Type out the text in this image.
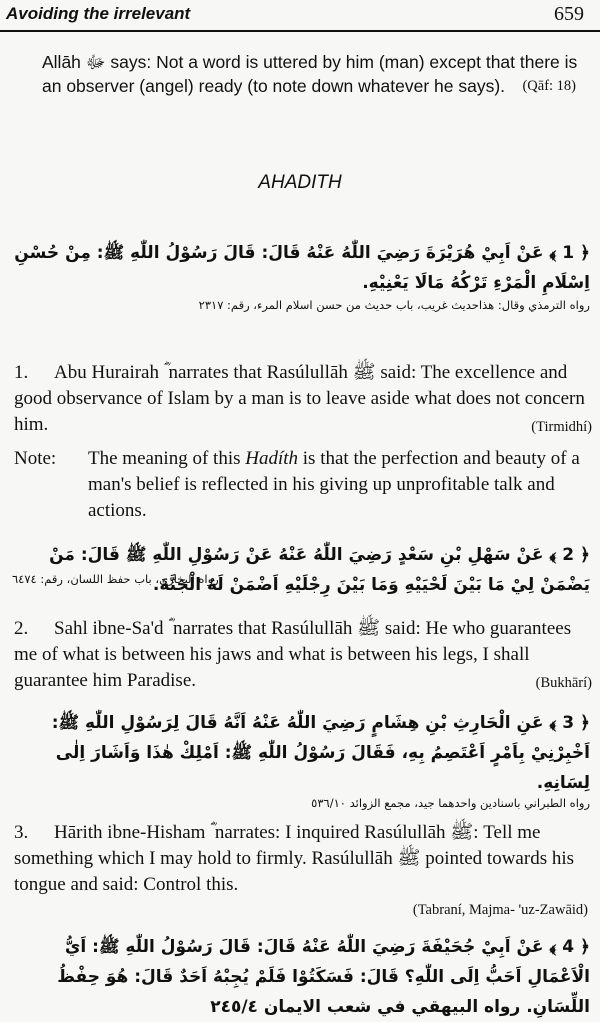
Avoiding the irrelevant	659
Allāh ﷻ says: Not a word is uttered by him (man) except that there is an observer (angel) ready (to note down whatever he says). (Qāf: 18)
AHADITH
﴿ 1 ﴾ عَنْ اَبِيْ هُرَيْرَةَ رَضِيَ اللّٰهُ عَنْهُ قَالَ: قَالَ رَسُوْلُ اللّٰهِ ﷺ: مِنْ حُسْنِ اِسْلَامِ الْمَرْءِ تَرْكُهُ مَالَا يَعْنِيْهِ.
رواه الترمذي وقال: هذاحديث غريب، باب حديث من حسن اسلام المرء، رقم: ٢٣١٧
1. Abu Hurairah ؓ narrates that Rasúlullāh ﷺ said: The excellence and good observance of Islam by a man is to leave aside what does not concern him.	(Tirmidhí)
Note: The meaning of this Hadíth is that the perfection and beauty of a man's belief is reflected in his giving up unprofitable talk and actions.
﴿ 2 ﴾ عَنْ سَهْلِ بْنِ سَعْدٍ رَضِيَ اللّٰهُ عَنْهُ عَنْ رَسُوْلِ اللّٰهِ ﷺ قَالَ: مَنْ يَضْمَنْ لِيْ مَا بَيْنَ لَحْيَيْهِ وَمَا بَيْنَ رِجْلَيْهِ اَضْمَنْ لَهُ الْجَنَّةَ.
رواه البخاري، باب حفظ اللسان، رقم: ٦٤٧٤
2. Sahl ibne-Sa'd ؓ narrates that Rasúlullāh ﷺ said: He who guarantees me of what is between his jaws and what is between his legs, I shall guarantee him Paradise.	(Bukhārí)
﴿ 3 ﴾ عَنِ الْحَارِثِ بْنِ هِشَامٍ رَضِيَ اللّٰهُ عَنْهُ اَنَّهُ قَالَ لِرَسُوْلِ اللّٰهِ ﷺ: اَخْبِرْنِيْ بِاَمْرٍ اَعْتَصِمُ بِهِ، فَقَالَ رَسُوْلُ اللّٰهِ ﷺ: اَمْلِكْ هٰذَا وَاَشَارَ اِلٰى لِسَانِهِ.
رواه الطبراني باسنادين واحدهما جيد، مجمع الزوائد ٥٣٦/١٠
3. Hārith ibne-Hisham ؓ narrates: I inquired Rasúlullāh ﷺ: Tell me something which I may hold to firmly. Rasúlullāh ﷺ pointed towards his tongue and said: Control this.
(Tabraní, Majma- 'uz-Zawāid)
﴿ 4 ﴾ عَنْ اَبِيْ جُحَيْفَةَ رَضِيَ اللّٰهُ عَنْهُ قَالَ: قَالَ رَسُوْلُ اللّٰهِ ﷺ: اَيُّ الْاَعْمَالِ اَحَبُّ اِلَى اللّٰهِ؟ قَالَ: فَسَكَتُوْا فَلَمْ يُجِبْهُ اَحَدٌ قَالَ: هُوَ حِفْظُ اللِّسَانِ. رواه البيهقي في شعب الايمان ٢٤٥/٤
